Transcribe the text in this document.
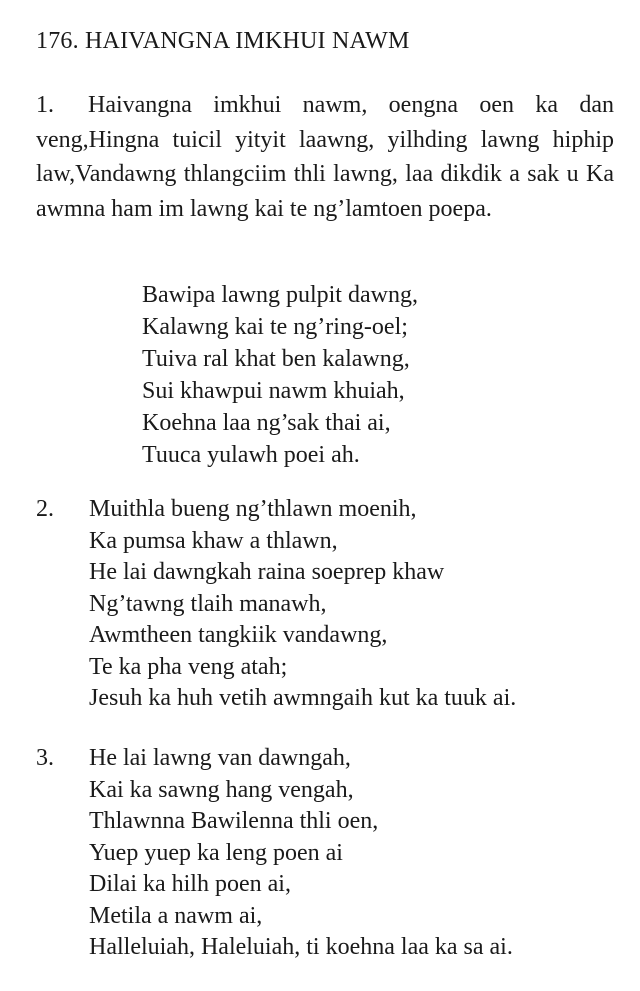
176. HAIVANGNA IMKHUI NAWM
1. Haivangna imkhui nawm, oengna oen ka dan veng,Hingna tuicil yityit laawng, yilhding lawng hiphip law,Vandawng thlangciim thli lawng, laa dikdik a sak u Ka awmna ham im lawng kai te ng’lamtoen poepa.
Bawipa lawng pulpit dawng,
Kalawng kai te ng’ring-oel;
Tuiva ral khat ben kalawng,
Sui khawpui nawm khuiah,
Koehna laa ng’sak thai ai,
Tuuca yulawh poei ah.
2. Muithla bueng ng’thlawn moenih,
Ka pumsa khaw a thlawn,
He lai dawngkah raina soeprep khaw
Ng’tawng tlaih manawh,
Awmtheen tangkiik vandawng,
Te ka pha veng atah;
Jesuh ka huh vetih awmngaih kut ka tuuk ai.
3. He lai lawng van dawngah,
Kai ka sawng hang vengah,
Thlawnna Bawilenna thli oen,
Yuep yuep ka leng poen ai
Dilai ka hilh poen ai,
Metila a nawm ai,
Halleluiah, Haleluiah, ti koehna laa ka sa ai.
